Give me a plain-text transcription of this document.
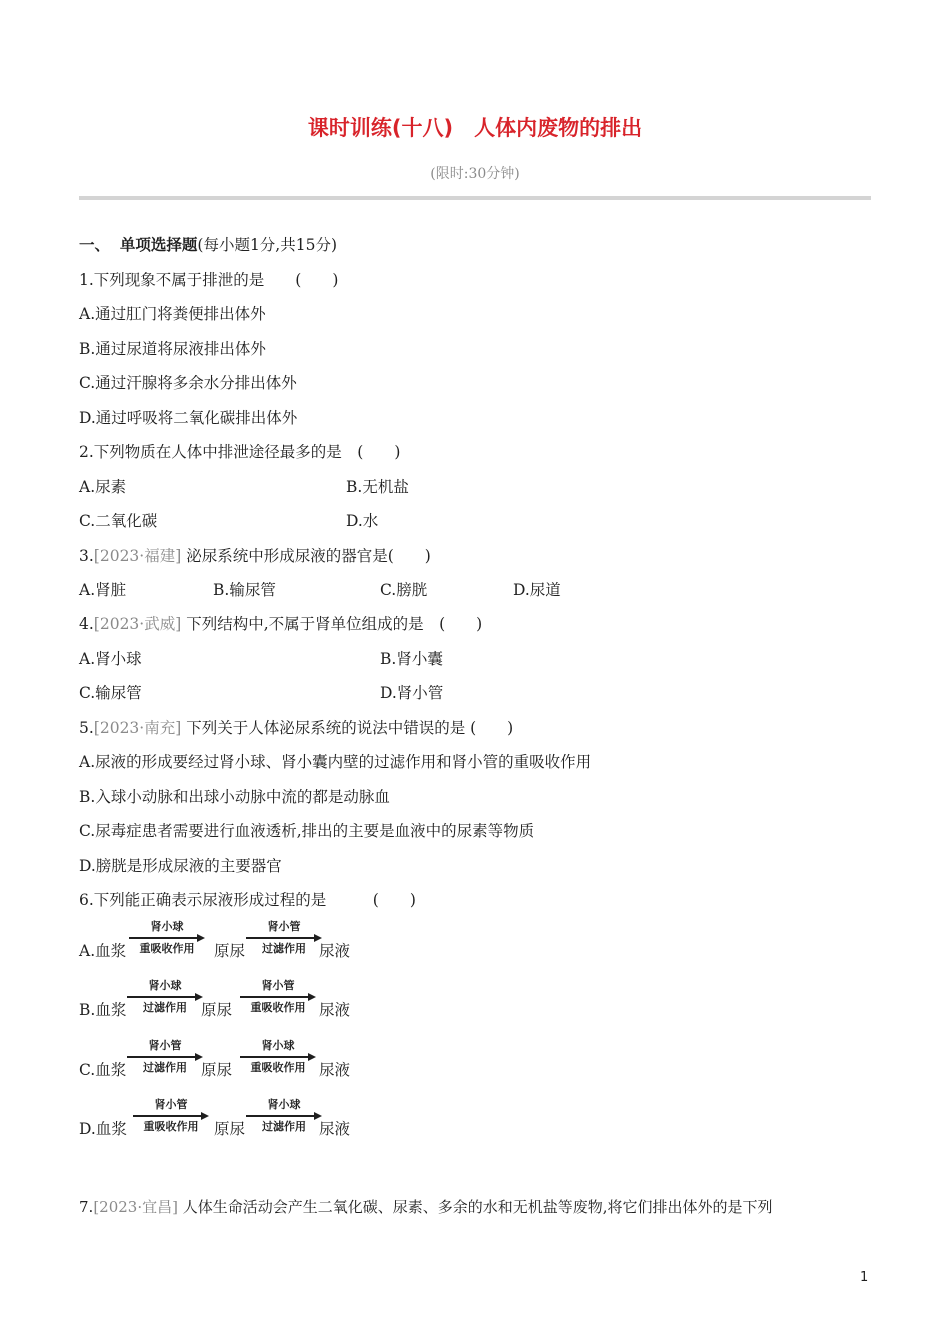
课时训练(十八)　人体内废物的排出
(限时:30分钟)
一、 单项选择题(每小题1分,共15分)
1.下列现象不属于排泄的是　　(　　)
A.通过肛门将粪便排出体外
B.通过尿道将尿液排出体外
C.通过汗腺将多余水分排出体外
D.通过呼吸将二氧化碳排出体外
2.下列物质在人体中排泄途径最多的是　(　　)
A.尿素	B.无机盐
C.二氧化碳	D.水
3.[2023·福建] 泌尿系统中形成尿液的器官是(　　)
A.肾脏	B.输尿管	C.膀胱	D.尿道
4.[2023·武威] 下列结构中,不属于肾单位组成的是　(　　)
A.肾小球	B.肾小囊
C.输尿管	D.肾小管
5.[2023·南充] 下列关于人体泌尿系统的说法中错误的是 (　　)
A.尿液的形成要经过肾小球、肾小囊内壁的过滤作用和肾小管的重吸收作用
B.入球小动脉和出球小动脉中流的都是动脉血
C.尿毒症患者需要进行血液透析,排出的主要是血液中的尿素等物质
D.膀胱是形成尿液的主要器官
6.下列能正确表示尿液形成过程的是　　　(　　)
A.血浆
肾小球
重吸收作用	原尿
肾小管
过滤作用 尿液
B.血浆
肾小球
过滤作用 原尿
肾小管
重吸收作用 尿液
C.血浆
肾小管
过滤作用 原尿
肾小球
重吸收作用 尿液
D.血浆
肾小管
重吸收作用	原尿
肾小球
过滤作用 尿液
7.[2023·宜昌] 人体生命活动会产生二氧化碳、尿素、多余的水和无机盐等废物,将它们排出体外的是下列
1
